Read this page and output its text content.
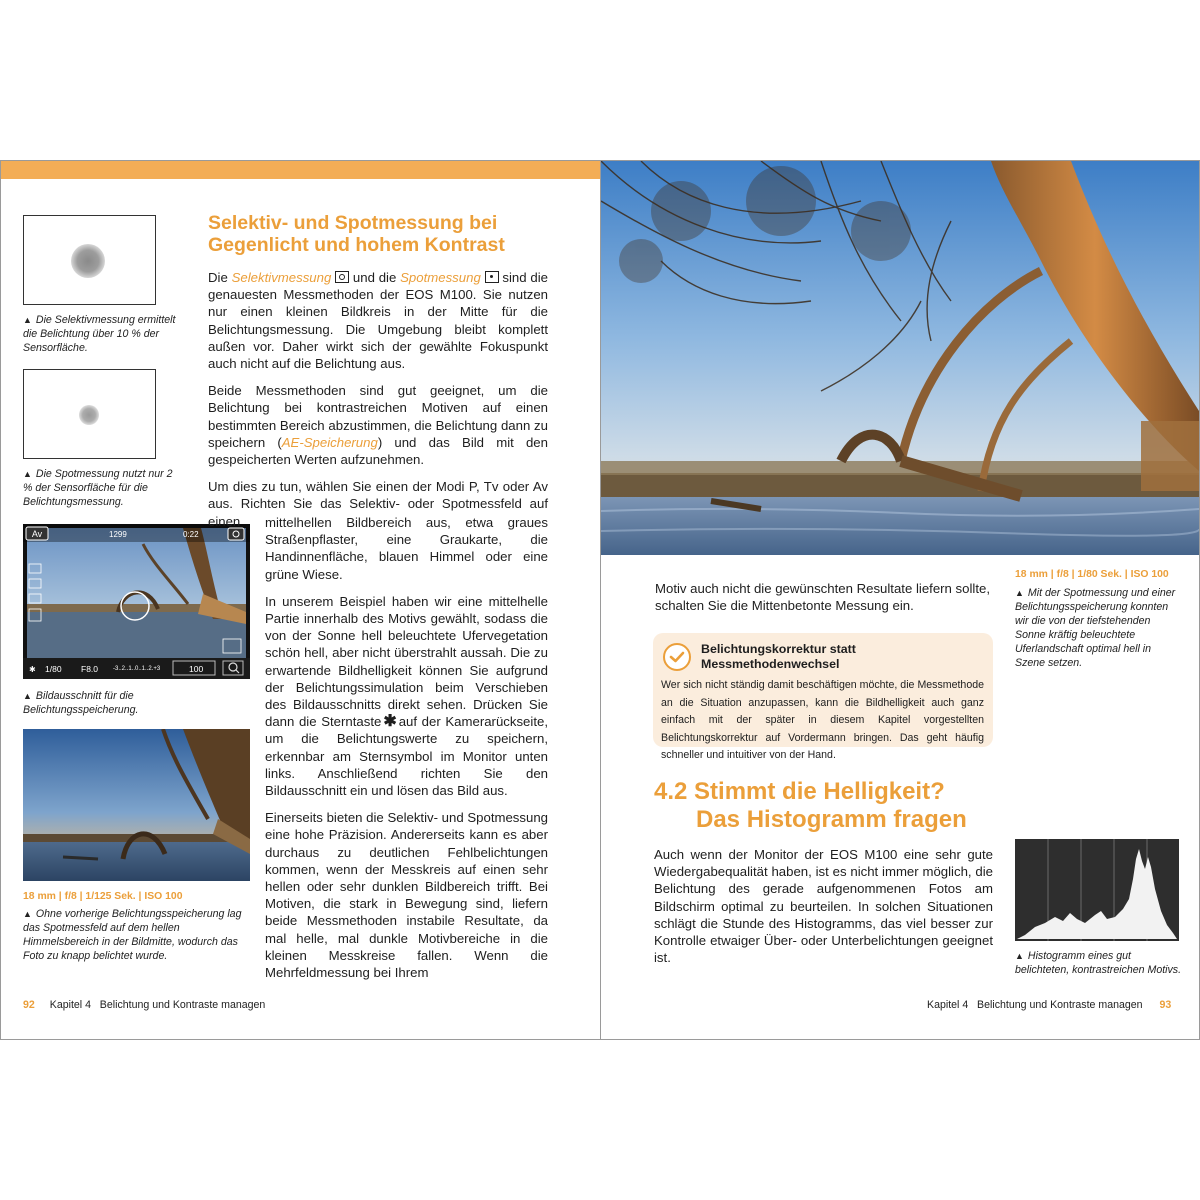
▲ Die Selektivmessung ermittelt die Belichtung über 10 % der Sensorfläche.
▲ Die Spotmessung nutzt nur 2 % der Sensorfläche für die Belichtungsmessung.
Av	1299	0:22
✱ 1/80 F8.0 -3..2..1..0..1..2.+3	100
▲ Bildausschnitt für die Belichtungsspeicherung.
18 mm | f/8 | 1/125 Sek. | ISO 100
▲ Ohne vorherige Belichtungsspeicherung lag das Spotmessfeld auf dem hellen Himmelsbereich in der Bildmitte, wodurch das Foto zu knapp belichtet wurde.
Selektiv- und Spotmessung bei
Gegenlicht und hohem Kontrast

Die Selektivmessung und die Spotmessung sind die genauesten Messmethoden der EOS M100. Sie nutzen nur einen kleinen Bildkreis in der Mitte für die Belichtungsmessung. Die Umgebung bleibt komplett außen vor. Daher wirkt sich der gewählte Fokuspunkt auch nicht auf die Belichtung aus.

Beide Messmethoden sind gut geeignet, um die Belichtung bei kontrastreichen Motiven auf einen bestimmten Bereich abzustimmen, die Belichtung dann zu speichern (AE-Speicherung) und das Bild mit den gespeicherten Werten aufzunehmen.

Um dies zu tun, wählen Sie einen der Modi P, Tv oder Av aus. Richten Sie das Selektiv- oder Spotmessfeld auf einen	mittelhellen Bildbereich aus, etwa graues Straßenpflaster, eine Graukarte, die Handinnenfläche, blauen Himmel oder eine grüne Wiese.

In unserem Beispiel haben wir eine mittelhelle Partie innerhalb des Motivs gewählt, sodass die von der Sonne hell beleuchtete Ufervegetation schön hell, aber nicht überstrahlt aussah. Die zu erwartende Bildhelligkeit können Sie aufgrund der Belichtungssimulation beim Verschieben des Bildausschnitts direkt sehen. Drücken Sie dann die Sterntaste ✱ auf der Kamerarückseite, um die Belichtungswerte zu speichern, erkennbar am Sternsymbol im Monitor unten links. Anschließend richten Sie den Bildausschnitt ein und lösen das Bild aus.

Einerseits bieten die Selektiv- und Spotmessung eine hohe Präzision. Andererseits kann es aber durchaus zu deutlichen Fehlbelichtungen kommen, wenn der Messkreis auf einen sehr hellen oder sehr dunklen Bildbereich trifft. Bei Motiven, die stark in Bewegung sind, liefern beide Messmethoden instabile Resultate, da mal helle, mal dunkle Motivbereiche in die kleinen Messkreise fallen. Wenn die Mehrfeldmessung bei Ihrem

92 Kapitel 4   Belichtung und Kontraste managen
18 mm | f/8 | 1/80 Sek. | ISO 100
▲ Mit der Spotmessung und einer Belichtungsspeicherung konnten wir die von der tiefstehenden Sonne kräftig beleuchtete Uferlandschaft optimal hell in Szene setzen.
Motiv auch nicht die gewünschten Resultate liefern sollte, schalten Sie die Mittenbetonte Messung ein.
Belichtungskorrektur statt
Messmethodenwechsel
Wer sich nicht ständig damit beschäftigen möchte, die Messmethode an die Situation anzupassen, kann die Bildhelligkeit auch ganz einfach mit der später in diesem Kapitel vorgestellten Belichtungskorrektur auf Vordermann bringen. Das geht häufig schneller und intuitiver von der Hand.
4.2 Stimmt die Helligkeit?
Das Histogramm fragen
Auch wenn der Monitor der EOS M100 eine sehr gute Wiedergabequalität haben, ist es nicht immer möglich, die Belichtung des gerade aufgenommenen Fotos am Bildschirm optimal zu beurteilen. In solchen Situationen schlägt die Stunde des Histogramms, das viel besser zur Kontrolle etwaiger Über- oder Unterbelichtungen geeignet ist.	▲ Histogramm eines gut belichteten, kontrastreichen Motivs.
Kapitel 4   Belichtung und Kontraste managen 93
